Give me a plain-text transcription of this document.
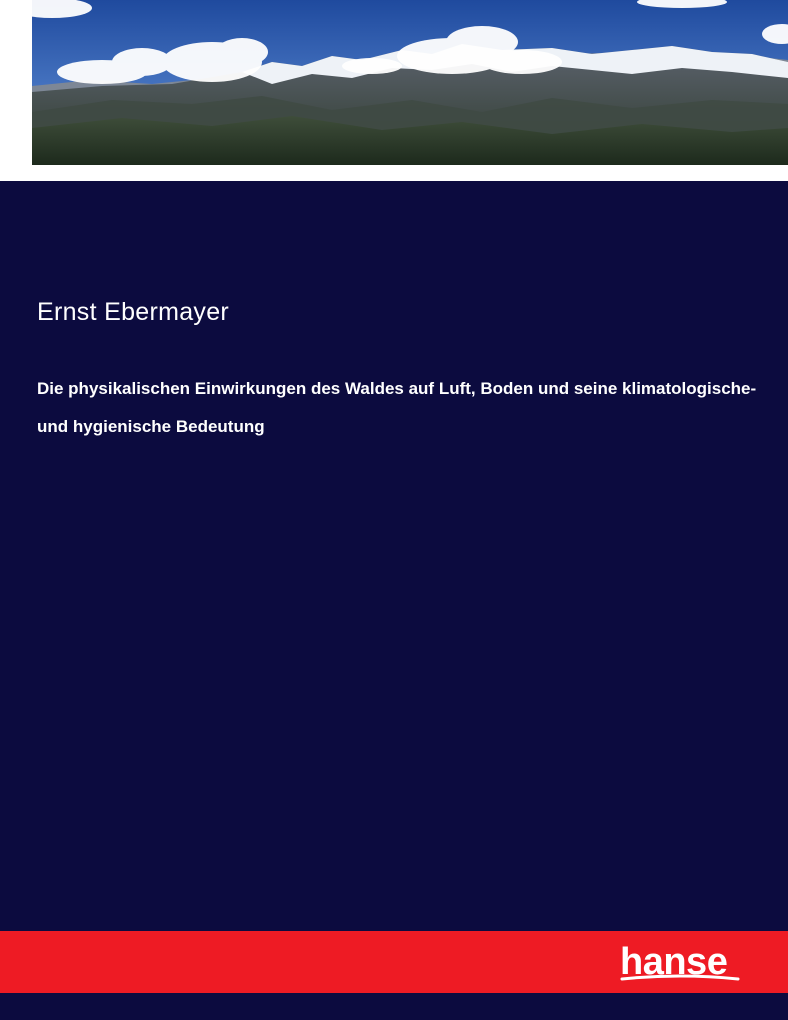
Ernst Ebermayer
Die physikalischen Einwirkungen des Waldes auf Luft, Boden und seine klimatologische-
und hygienische Bedeutung
hanse
